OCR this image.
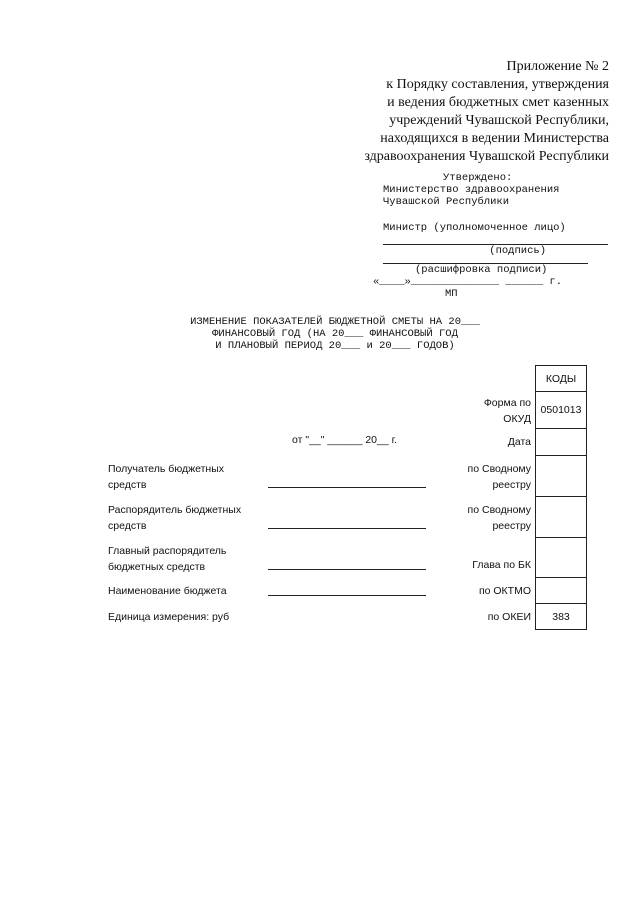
Приложение № 2
к Порядку составления, утверждения
и ведения бюджетных смет казенных
учреждений Чувашской Республики,
находящихся в ведении Министерства
здравоохранения Чувашской Республики
Утверждено:
Министерство здравоохранения
Чувашской Республики
Министр (уполномоченное лицо)
(подпись)
(расшифровка подписи)
«____»______________ ______ г.
МП
ИЗМЕНЕНИЕ ПОКАЗАТЕЛЕЙ БЮДЖЕТНОЙ СМЕТЫ НА 20___
ФИНАНСОВЫЙ ГОД (НА 20___ ФИНАНСОВЫЙ ГОД
И ПЛАНОВЫЙ ПЕРИОД 20___ и 20___ ГОДОВ)
КОДЫ
0501013
383
Форма по
ОКУД
Дата
по Сводному
реестру
по Сводному
реестру
Глава по БК
по ОКТМО
по ОКЕИ
от "__" ______ 20__ г.
Получатель бюджетных
средств
Распорядитель бюджетных
средств
Главный распорядитель
бюджетных средств
Наименование бюджета
Единица измерения: руб
